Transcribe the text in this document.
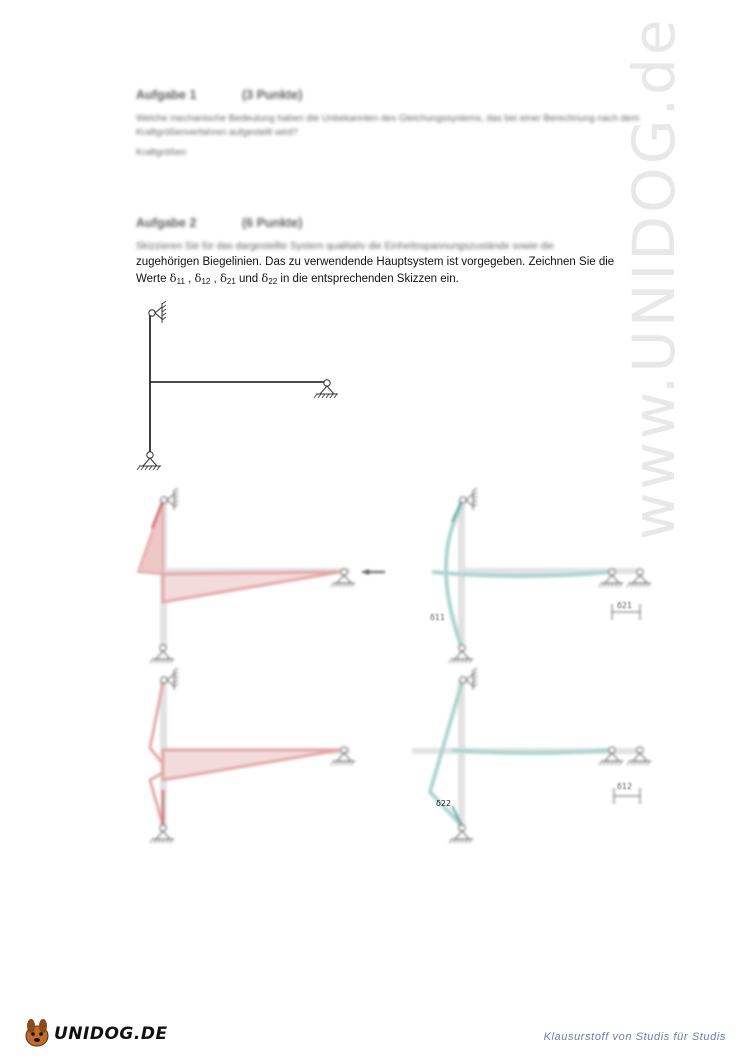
www.UNIDOG.de
Aufgabe 1	(3 Punkte)
Welche mechanische Bedeutung haben die Unbekannten des Gleichungssystems, das bei einer Berechnung nach dem Kraftgrößenverfahren aufgestellt wird?
Kraftgrößen
Aufgabe 2	(6 Punkte)
Skizzieren Sie für das dargestellte System qualitativ die Einheitsspannungszustände sowie die
zugehörigen Biegelinien. Das zu verwendende Hauptsystem ist vorgegeben. Zeichnen Sie die
Werte $\delta_{11}$ , $\delta_{12}$ , $\delta_{21}$ und $\delta_{22}$ in die entsprechenden Skizzen ein.
δ11
δ21
δ12
δ22
UNIDOG.DE	Klausurstoff von Studis für Studis
